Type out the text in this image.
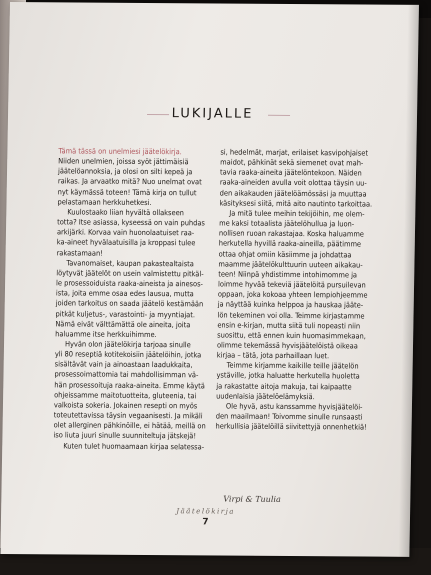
LUKIJALLE
Tämä tässä on unelmiesi jäätelökirja.

Niiden unelmien, joissa syöt jättimäisiä
jäätelöannoksia, ja olosi on silti kepeä ja
raikas. Ja arvaatko mitä? Nuo unelmat ovat
nyt käymässä toteen! Tämä kirja on tullut
pelastamaan herkkuhetkesi.

Kuulostaako liian hyvältä ollakseen
totta? Itse asiassa, kyseessä on vain puhdas
arkijärki. Korvaa vain huonolaatuiset raa-
ka-aineet hyvälaatuisilla ja kroppasi tulee
rakastamaan!

Tavanomaiset, kaupan pakastealtaista
löytyvät jäätelöt on usein valmistettu pitkäl-
le prosessoiduista raaka-aineista ja ainesos-
ista, joita emme osaa edes lausua, mutta
joiden tarkoitus on saada jäätelö kestämään
pitkät kuljetus-, varastointi- ja myyntiajat.
Nämä eivät välttämättä ole aineita, joita
haluamme itse herkkuihimme.

Hyvän olon jäätelökirja tarjoaa sinulle
yli 80 reseptiä kotitekoisiin jäätelöihin, jotka
sisältävät vain ja ainoastaan laadukkaita,
prosessoimattomia tai mahdollisimman vä-
hän prosessoituja raaka-aineita. Emme käytä
ohjeissamme maitotuotteita, gluteenia, tai
valkoista sokeria. Jokainen resepti on myös
toteutettavissa täysin vegaanisesti. Ja mikäli
olet allerginen pähkinöille, ei hätää, meillä on
iso liuta juuri sinulle suunniteltuja jätskejä!

Kuten tulet huomaamaan kirjaa selatessa-

si, hedelmät, marjat, erilaiset kasvipohjaiset
maidot, pähkinät sekä siemenet ovat mah-
tavia raaka-aineita jäätelöntekoon. Näiden
raaka-aineiden avulla voit olottaa täysin uu-
den aikakauden jäätelöämössäsi ja muuttaa
käsityksesi siitä, mitä aito nautinto tarkoittaa.

Ja mitä tulee meihin tekijöihin, me olem-
me kaksi totaalista jäätelöhullua ja luon-
nollisen ruoan rakastajaa. Koska haluamme
herkutella hyvillä raaka-aineilla, päätimme
ottaa ohjat omiin käsiimme ja johdattaa
maamme jäätelökulttuurin uuteen aikakau-
teen! Niinpä yhdistimme intohimomme ja
loimme hyvää tekeviä jäätelöitä pursuilevan
oppaan, joka kokoaa yhteen lempiohjeemme
ja näyttää kuinka helppoa ja hauskaa jääte-
lön tekeminen voi olla. Teimme kirjastamme
ensin e-kirjan, mutta siitä tuli nopeasti niin
suosittu, että ennen kuin huomasimmekaan,
olimme tekemässä hyvisjäätelöistä oikeaa
kirjaa – tätä, jota parhaillaan luet.

Teimme kirjamme kaikille teille jäätelön
ystäville, jotka haluatte herkutella huoletta
ja rakastatte aitoja makuja, tai kaipaatte
uudenlaisia jäätelöelämyksiä.

Ole hyvä, astu kanssamme hyvisjäätelöi-
den maailmaan! Toivomme sinulle runsaasti
herkullisia jäätelöillä siivitettyjä onnenhetkiä!

Virpi & Tuulia
Jäätelökirja
7
